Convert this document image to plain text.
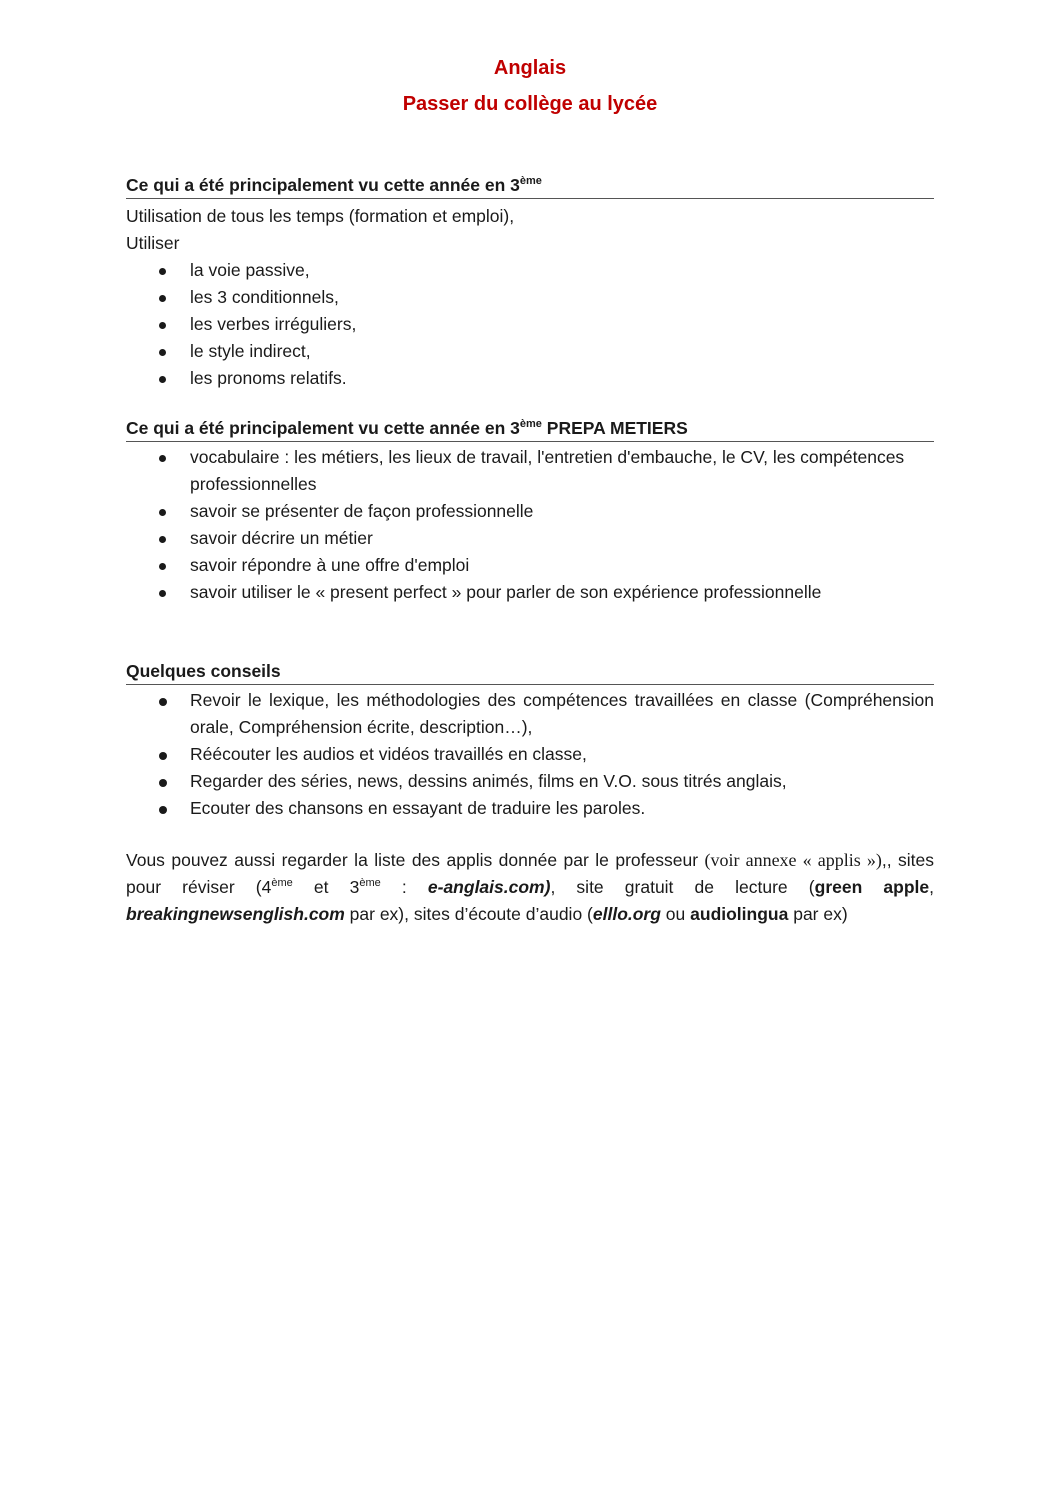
Anglais
Passer du collège au lycée

Ce qui a été principalement vu cette année en 3ème

Utilisation de tous les temps (formation et emploi),

Utiliser

la voie passive,
les 3 conditionnels,
les verbes irréguliers,
le style indirect,
les pronoms relatifs.

Ce qui a été principalement vu cette année en 3ème PREPA METIERS

vocabulaire : les métiers, les lieux de travail, l'entretien d'embauche, le CV, les compétences professionnelles
savoir se présenter de façon professionnelle
savoir décrire un métier
savoir répondre à une offre d'emploi
savoir utiliser le « present perfect » pour parler de son expérience professionnelle

Quelques conseils

Revoir le lexique, les méthodologies des compétences travaillées en classe (Compréhension orale, Compréhension écrite, description…),
Réécouter les audios et vidéos travaillés en classe,
Regarder des séries, news, dessins animés, films en V.O. sous titrés anglais,
Ecouter des chansons en essayant de traduire les paroles.

Vous pouvez aussi regarder la liste des applis donnée par le professeur (voir annexe « applis »),, sites pour réviser (4ème et 3ème : e-anglais.com), site gratuit de lecture (green apple, breakingnewsenglish.com par ex), sites d’écoute d’audio (elllo.org ou audiolingua par ex)
